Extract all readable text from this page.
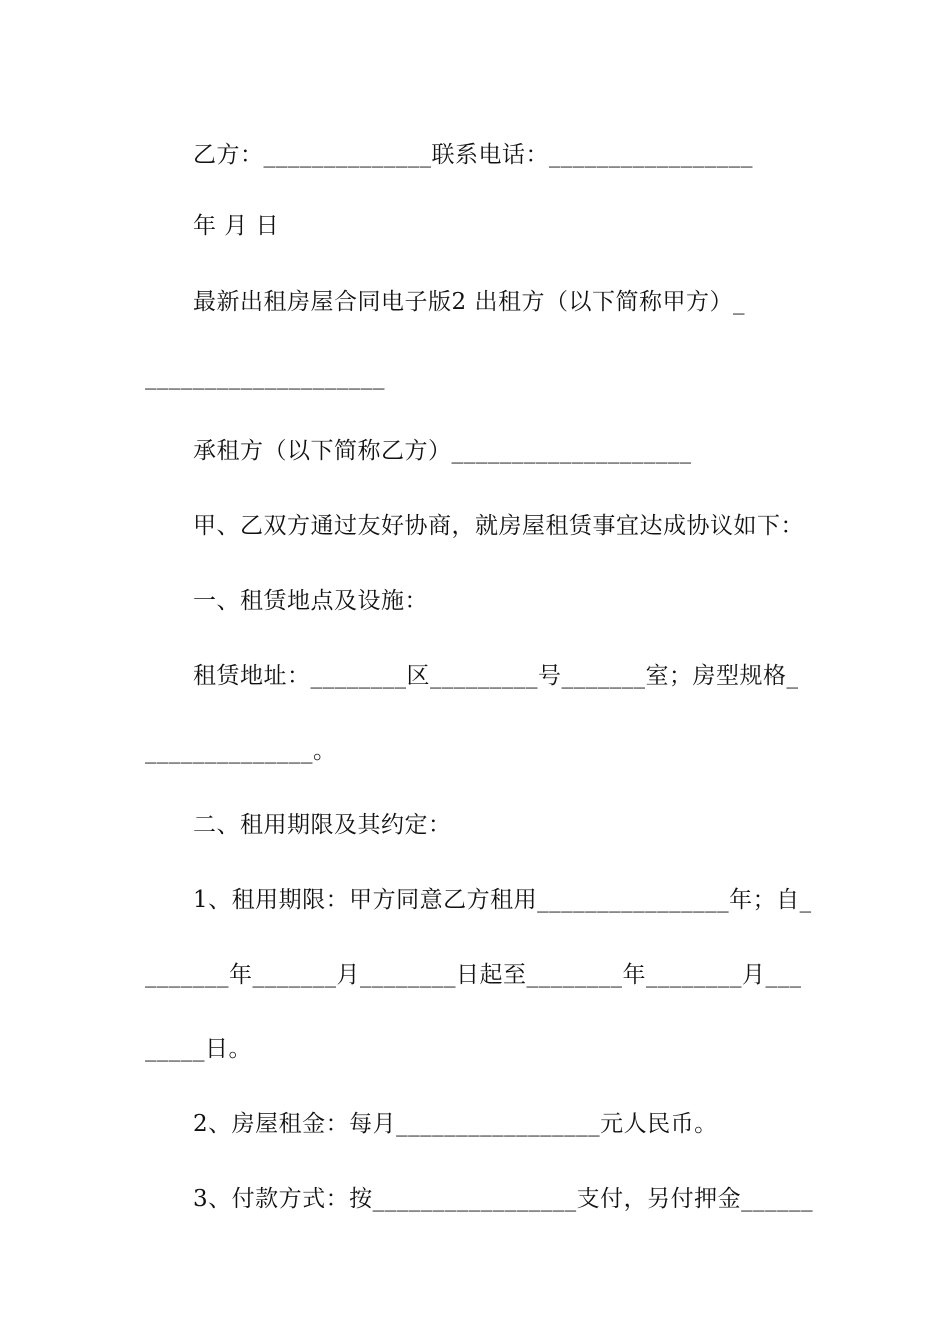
乙方：______________联系电话：_________________
年 月 日
最新出租房屋合同电子版2 出租方（以下简称甲方）_
____________________
承租方（以下简称乙方）____________________
甲、乙双方通过友好协商，就房屋租赁事宜达成协议如下：
一、租赁地点及设施：
租赁地址：________区_________号_______室；房型规格_
______________。
二、租用期限及其约定：
1、租用期限：甲方同意乙方租用________________年；自_
_______年_______月________日起至________年________月___
_____日。
2、房屋租金：每月_________________元人民币。
3、付款方式：按_________________支付，另付押金______
